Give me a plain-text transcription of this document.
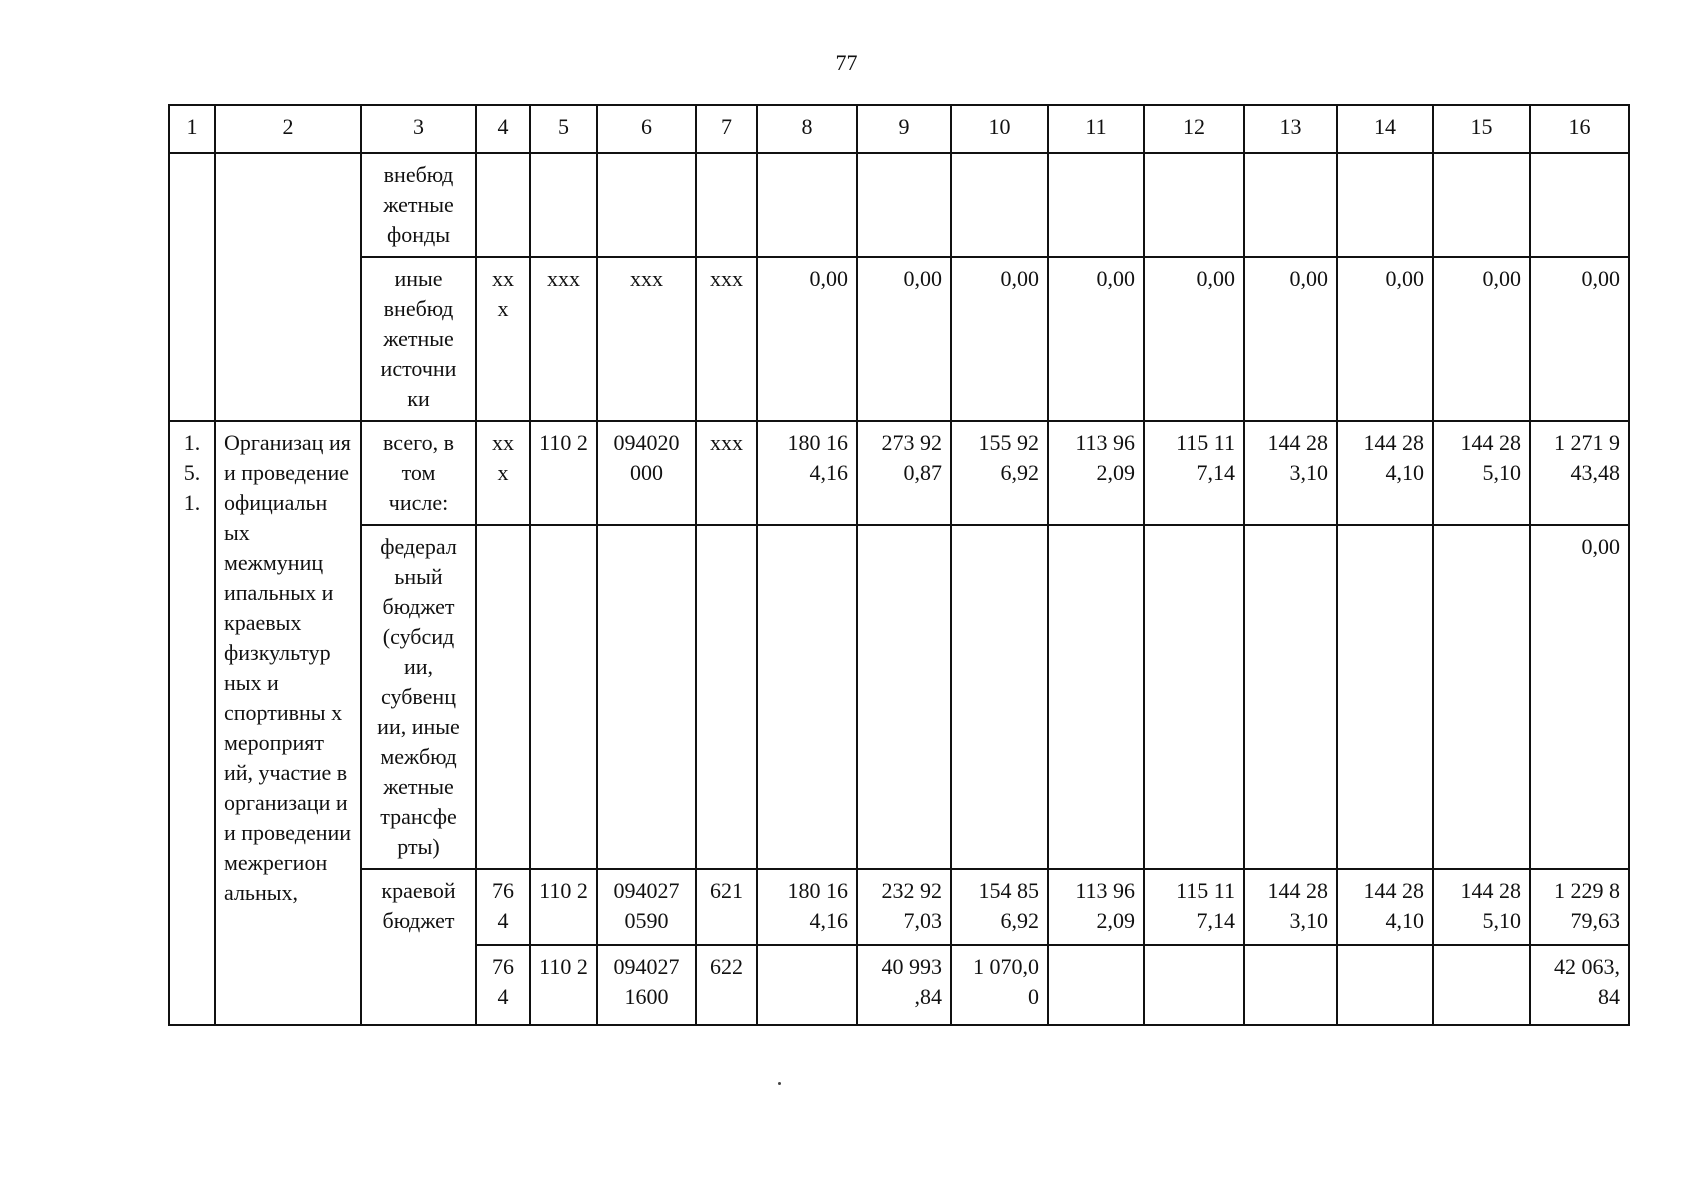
77
1	2	3	4	5	6	7	8	9	10	11	12	13	14	15	16
		внебюд жетные фонды													
		иные внебюд жетные источни ки	хх х	ххх	ххх	ххх	0,00	0,00	0,00	0,00	0,00	0,00	0,00	0,00	0,00
1. 5. 1.	Организац ия и проведение официальн ых межмуниц ипальных и краевых физкультур ных и спортивны х мероприят ий, участие в организаци и и проведении межрегион альных,	всего, в том числе:	хх х	110 2	094020 000	ххх	180 16 4,16	273 92 0,87	155 92 6,92	113 96 2,09	115 11 7,14	144 28 3,10	144 28 4,10	144 28 5,10	1 271 9 43,48
		федерал ьный бюджет (субсид ии, субвенц ии, иные межбюд жетные трансфе рты)													0,00
		краевой бюджет	76 4	110 2	094027 0590	621	180 16 4,16	232 92 7,03	154 85 6,92	113 96 2,09	115 11 7,14	144 28 3,10	144 28 4,10	144 28 5,10	1 229 8 79,63
			76 4	110 2	094027 1600	622		40 993 ,84	1 070,0 0						42 063, 84
